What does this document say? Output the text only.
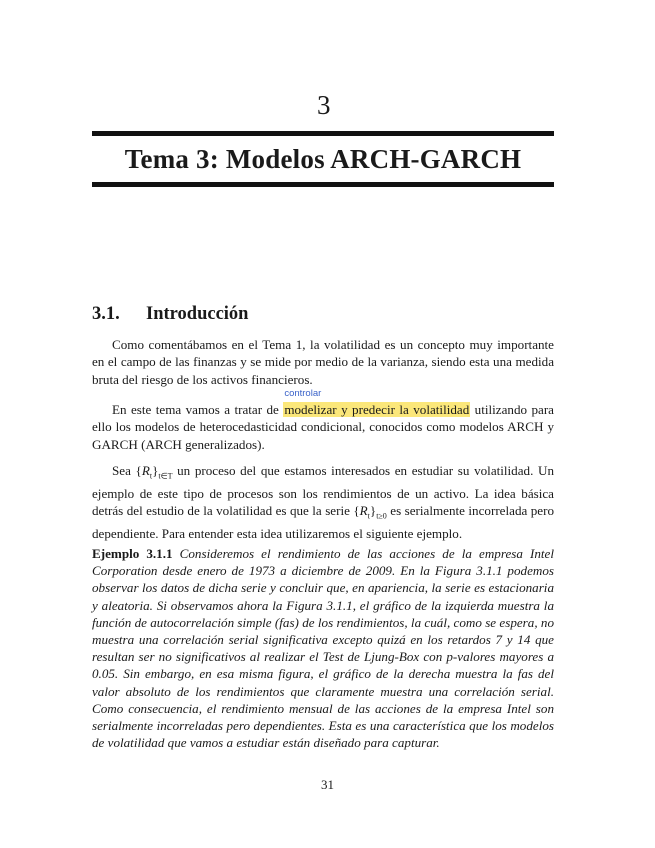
3
Tema 3: Modelos ARCH-GARCH
3.1. Introducción
Como comentábamos en el Tema 1, la volatilidad es un concepto muy importante en el campo de las finanzas y se mide por medio de la varianza, siendo esta una medida bruta del riesgo de los activos financieros.
En este tema vamos a tratar de
controlar
modelizar y predecir la volatilidad utilizando para ello los modelos de heterocedasticidad condicional, conocidos como modelos ARCH y GARCH (ARCH generalizados).
Sea $\{R_t\}_{t\in T}$ un proceso del que estamos interesados en estudiar su volatilidad. Un ejemplo de este tipo de procesos son los rendimientos de un activo. La idea básica detrás del estudio de la volatilidad es que la serie $\{R_t\}_{t\ge 0}$ es serialmente incorrelada pero dependiente. Para entender esta idea utilizaremos el siguiente ejemplo.
Ejemplo 3.1.1 Consideremos el rendimiento de las acciones de la empresa Intel Corporation desde enero de 1973 a diciembre de 2009. En la Figura 3.1.1 podemos observar los datos de dicha serie y concluir que, en apariencia, la serie es estacionaria y aleatoria. Si observamos ahora la Figura 3.1.1, el gráfico de la izquierda muestra la función de autocorrelación simple (fas) de los rendimientos, la cuál, como se espera, no muestra una correlación serial significativa excepto quizá en los retardos 7 y 14 que resultan ser no significativos al realizar el Test de Ljung-Box con p-valores mayores a 0.05. Sin embargo, en esa misma figura, el gráfico de la derecha muestra la fas del valor absoluto de los rendimientos que claramente muestra una correlación serial. Como consecuencia, el rendimiento mensual de las acciones de la empresa Intel son serialmente incorreladas pero dependientes. Esta es una característica que los modelos de volatilidad que vamos a estudiar están diseñado para capturar.
31
